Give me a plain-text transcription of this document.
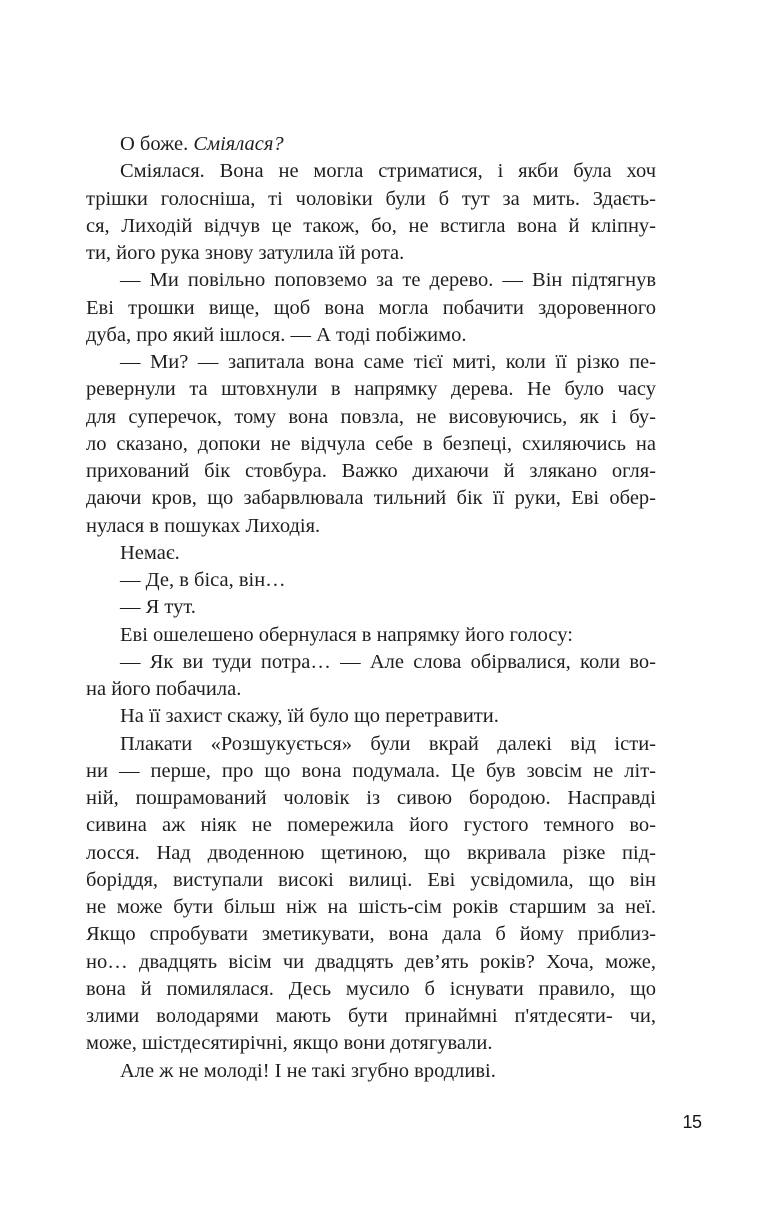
О боже. Сміялася?
Сміялася. Вона не могла стриматися, і якби була хоч
трішки голосніша, ті чоловіки були б тут за мить. Здаєть-
ся, Лиходій відчув це також, бо, не встигла вона й кліпну-
ти, його рука знову затулила їй рота.
— Ми повільно поповземо за те дерево. — Він підтягнув
Еві трошки вище, щоб вона могла побачити здоровенного
дуба, про який ішлося. — А тоді побіжимо.
— Ми? — запитала вона саме тієї миті, коли її різко пе-
ревернули та штовхнули в напрямку дерева. Не було часу
для суперечок, тому вона повзла, не висовуючись, як і бу-
ло сказано, допоки не відчула себе в безпеці, схиляючись на
прихований бік стовбура. Важко дихаючи й злякано огля-
даючи кров, що забарвлювала тильний бік її руки, Еві обер-
нулася в пошуках Лиходія.
Немає.
— Де, в біса, він…
— Я тут.
Еві ошелешено обернулася в напрямку його голосу:
— Як ви туди потра… — Але слова обірвалися, коли во-
на його побачила.
На її захист скажу, їй було що перетравити.
Плакати «Розшукується» були вкрай далекі від істи-
ни — перше, про що вона подумала. Це був зовсім не літ-
ній, пошрамований чоловік із сивою бородою. Насправді
сивина аж ніяк не помережила його густого темного во-
лосся. Над дводенною щетиною, що вкривала різке під-
боріддя, виступали високі вилиці. Еві усвідомила, що він
не може бути більш ніж на шість-сім років старшим за неї.
Якщо спробувати зметикувати, вона дала б йому приблиз-
но… двадцять вісім чи двадцять дев’ять років? Хоча, може,
вона й помилялася. Десь мусило б існувати правило, що
злими володарями мають бути принаймні п'ятдесяти- чи,
може, шістдесятирічні, якщо вони дотягували.
Але ж не молоді! І не такі згубно вродливі.
15
